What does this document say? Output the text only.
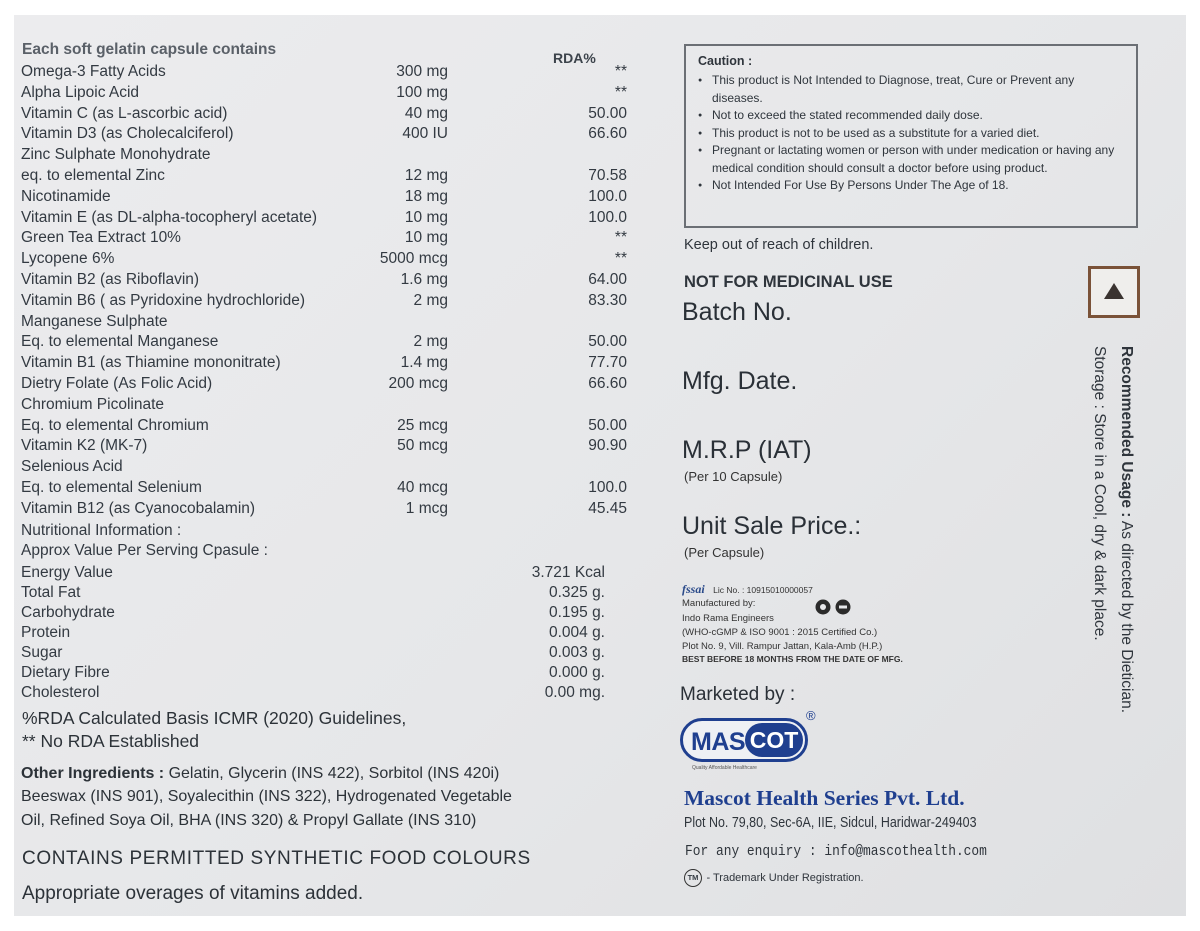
Each soft gelatin capsule contains	RDA%
Omega-3 Fatty Acids	300 mg	**
Alpha Lipoic Acid	100 mg	**
Vitamin C (as L-ascorbic acid)	40 mg	50.00
Vitamin D3 (as Cholecalciferol)	400 IU	66.60
Zinc Sulphate Monohydrate
eq. to elemental Zinc	12 mg	70.58
Nicotinamide	18 mg	100.0
Vitamin E (as DL-alpha-tocopheryl acetate)	10 mg	100.0
Green Tea Extract 10%	10 mg	**
Lycopene 6%	5000 mcg	**
Vitamin B2 (as Riboflavin)	1.6 mg	64.00
Vitamin B6 ( as Pyridoxine hydrochloride)	2 mg	83.30
Manganese Sulphate
Eq. to elemental Manganese	2 mg	50.00
Vitamin B1 (as Thiamine mononitrate)	1.4 mg	77.70
Dietry Folate (As Folic Acid)	200 mcg	66.60
Chromium Picolinate
Eq. to elemental Chromium	25 mcg	50.00
Vitamin K2 (MK-7)	50 mcg	90.90
Selenious Acid
Eq. to elemental Selenium	40 mcg	100.0
Vitamin B12 (as Cyanocobalamin)	1 mcg	45.45
Nutritional Information :
Approx Value Per Serving Cpasule :
Energy Value	3.721 Kcal
Total Fat	0.325 g.
Carbohydrate	0.195 g.
Protein	0.004 g.
Sugar	0.003 g.
Dietary Fibre	0.000 g.
Cholesterol	0.00 mg.
%RDA Calculated Basis ICMR (2020) Guidelines,
** No RDA Established
Other Ingredients : Gelatin, Glycerin (INS 422), Sorbitol (INS 420i)
Beeswax (INS 901), Soyalecithin (INS 322), Hydrogenated Vegetable
Oil, Refined Soya Oil, BHA (INS 320) & Propyl Gallate (INS 310)
CONTAINS PERMITTED SYNTHETIC FOOD COLOURS
Appropriate overages of vitamins added.
Caution :
● This product is Not Intended to Diagnose, treat, Cure or Prevent any diseases.
● Not to exceed the stated recommended daily dose.
● This product is not to be used as a substitute for a varied diet.
● Pregnant or lactating women or person with under medication or having any medical condition should consult a doctor before using product.
● Not Intended For Use By Persons Under The Age of 18.
Keep out of reach of children.
NOT FOR MEDICINAL USE
Batch No.
Mfg. Date.
M.R.P (IAT)
(Per 10 Capsule)
Unit Sale Price.:
(Per Capsule)
fssai Lic No. : 10915010000057
Manufactured by:
Indo Rama Engineers
(WHO-cGMP & ISO 9001 : 2015 Certified Co.)
Plot No. 9, Vill. Rampur Jattan, Kala-Amb (H.P.)
BEST BEFORE 18 MONTHS FROM THE DATE OF MFG.
Marketed by :
MAS COT
®
Quality Affordable Healthcare
Mascot Health Series Pvt. Ltd.
Plot No. 79,80, Sec-6A, IIE, Sidcul, Haridwar-249403
For any enquiry : info@mascothealth.com
TM - Trademark Under Registration.
Recommended Usage : As directed by the Dietician.
Storage : Store in a Cool, dry & dark place.
